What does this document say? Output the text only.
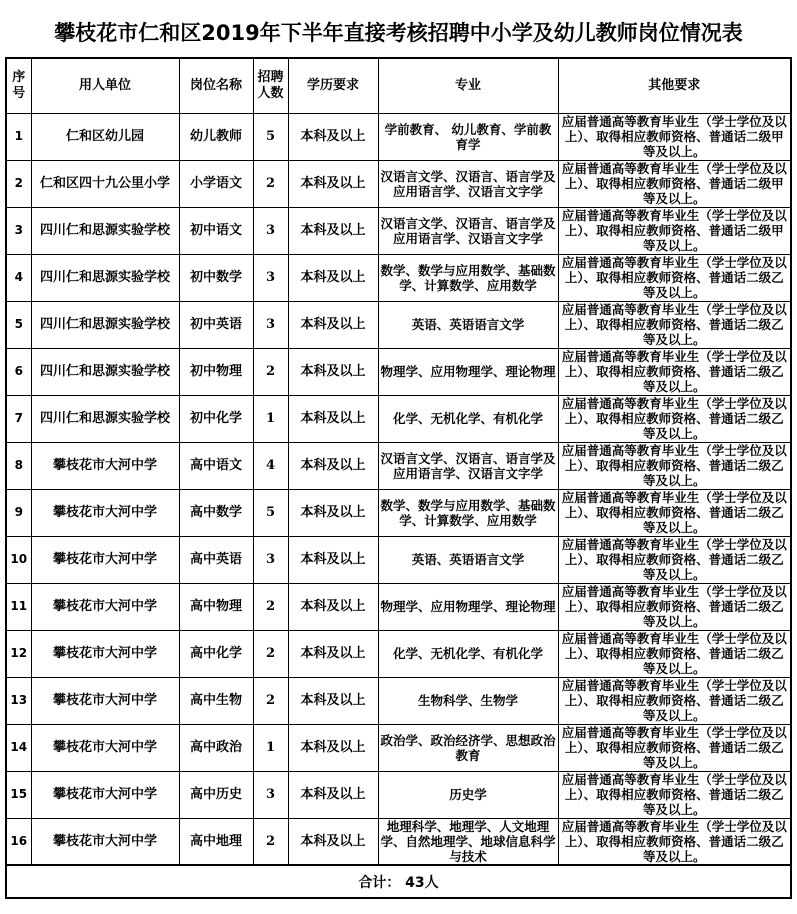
攀枝花市仁和区2019年下半年直接考核招聘中小学及幼儿教师岗位情况表
序号	用人单位	岗位名称	招聘人数	学历要求	专业	其他要求
1	仁和区幼儿园	幼儿教师	5	本科及以上	学前教育、 幼儿教育、学前教育学	应届普通高等教育毕业生（学士学位及以上）、取得相应教师资格、普通话二级甲等及以上。
2	仁和区四十九公里小学	小学语文	2	本科及以上	汉语言文学、汉语言、语言学及应用语言学、汉语言文字学	应届普通高等教育毕业生（学士学位及以上）、取得相应教师资格、普通话二级甲等及以上。
3	四川仁和思源实验学校	初中语文	3	本科及以上	汉语言文学、汉语言、语言学及应用语言学、汉语言文字学	应届普通高等教育毕业生（学士学位及以上）、取得相应教师资格、普通话二级甲等及以上。
4	四川仁和思源实验学校	初中数学	3	本科及以上	数学、数学与应用数学、基础数学、计算数学、应用数学	应届普通高等教育毕业生（学士学位及以上）、取得相应教师资格、普通话二级乙等及以上。
5	四川仁和思源实验学校	初中英语	3	本科及以上	英语、英语语言文学	应届普通高等教育毕业生（学士学位及以上）、取得相应教师资格、普通话二级乙等及以上。
6	四川仁和思源实验学校	初中物理	2	本科及以上	物理学、应用物理学、理论物理	应届普通高等教育毕业生（学士学位及以上）、取得相应教师资格、普通话二级乙等及以上。
7	四川仁和思源实验学校	初中化学	1	本科及以上	化学、无机化学、有机化学	应届普通高等教育毕业生（学士学位及以上）、取得相应教师资格、普通话二级乙等及以上。
8	攀枝花市大河中学	高中语文	4	本科及以上	汉语言文学、汉语言、语言学及应用语言学、汉语言文字学	应届普通高等教育毕业生（学士学位及以上）、取得相应教师资格、普通话二级乙等及以上。
9	攀枝花市大河中学	高中数学	5	本科及以上	数学、数学与应用数学、基础数学、计算数学、应用数学	应届普通高等教育毕业生（学士学位及以上）、取得相应教师资格、普通话二级乙等及以上。
10	攀枝花市大河中学	高中英语	3	本科及以上	英语、英语语言文学	应届普通高等教育毕业生（学士学位及以上）、取得相应教师资格、普通话二级乙等及以上。
11	攀枝花市大河中学	高中物理	2	本科及以上	物理学、应用物理学、理论物理	应届普通高等教育毕业生（学士学位及以上）、取得相应教师资格、普通话二级乙等及以上。
12	攀枝花市大河中学	高中化学	2	本科及以上	化学、无机化学、有机化学	应届普通高等教育毕业生（学士学位及以上）、取得相应教师资格、普通话二级乙等及以上。
13	攀枝花市大河中学	高中生物	2	本科及以上	生物科学、生物学	应届普通高等教育毕业生（学士学位及以上）、取得相应教师资格、普通话二级乙等及以上。
14	攀枝花市大河中学	高中政治	1	本科及以上	政治学、政治经济学、思想政治教育	应届普通高等教育毕业生（学士学位及以上）、取得相应教师资格、普通话二级乙等及以上。
15	攀枝花市大河中学	高中历史	3	本科及以上	历史学	应届普通高等教育毕业生（学士学位及以上）、取得相应教师资格、普通话二级乙等及以上。
16	攀枝花市大河中学	高中地理	2	本科及以上	地理科学、地理学、人文地理学、自然地理学、地球信息科学与技术	应届普通高等教育毕业生（学士学位及以上）、取得相应教师资格、普通话二级乙等及以上。
合计： 43人						
